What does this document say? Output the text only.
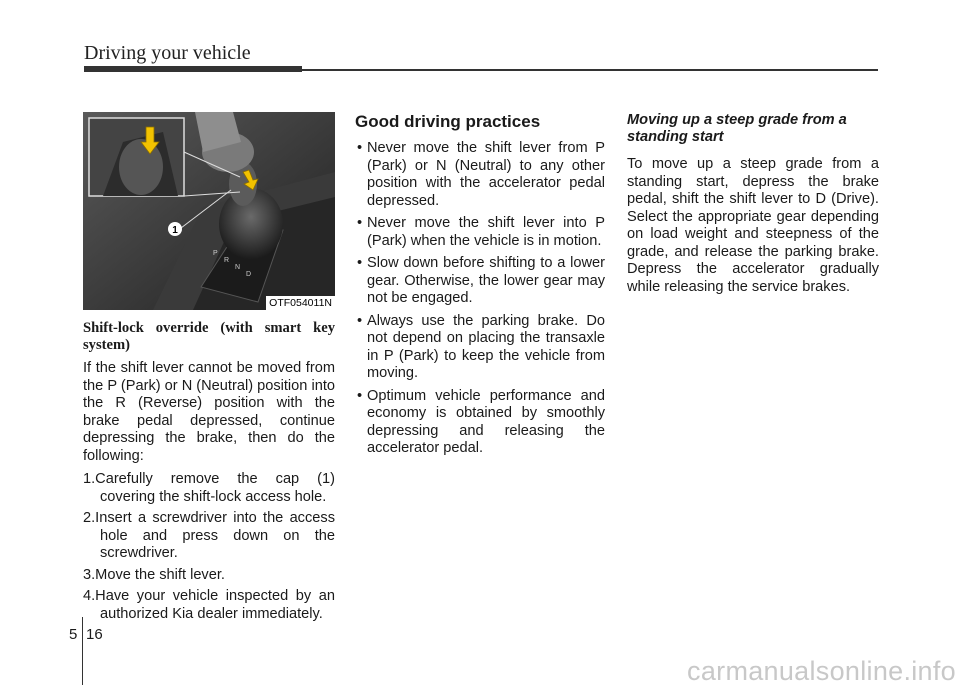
Driving your vehicle
1
P
R
N
D
OTF054011N
Shift-lock override (with smart key system)

If the shift lever cannot be moved from the P (Park) or N (Neutral) position into the R (Reverse) position with the brake pedal depressed, continue depressing the brake, then do the following:

1.Carefully remove the cap (1) covering the shift-lock access hole.
2.Insert a screwdriver into the access hole and press down on the screwdriver.
3.Move the shift lever.
4.Have your vehicle inspected by an authorized Kia dealer immediately.
Good driving practices
• Never move the shift lever from P (Park) or N (Neutral) to any other position with the accelerator pedal depressed.
• Never move the shift lever into P (Park) when the vehicle is in motion.
• Slow down before shifting to a lower gear. Otherwise, the lower gear may not be engaged.
• Always use the parking brake. Do not depend on placing the transaxle in P (Park) to keep the vehicle from moving.
• Optimum vehicle performance and economy is obtained by smoothly depressing and releasing the accelerator pedal.
Moving up a steep grade from a standing start

To move up a steep grade from a standing start, depress the brake pedal, shift the shift lever to D (Drive). Select the appropriate gear depending on load weight and steepness of the grade, and release the parking brake. Depress the accelerator gradually while releasing the service brakes.

5 16
carmanualsonline.info
